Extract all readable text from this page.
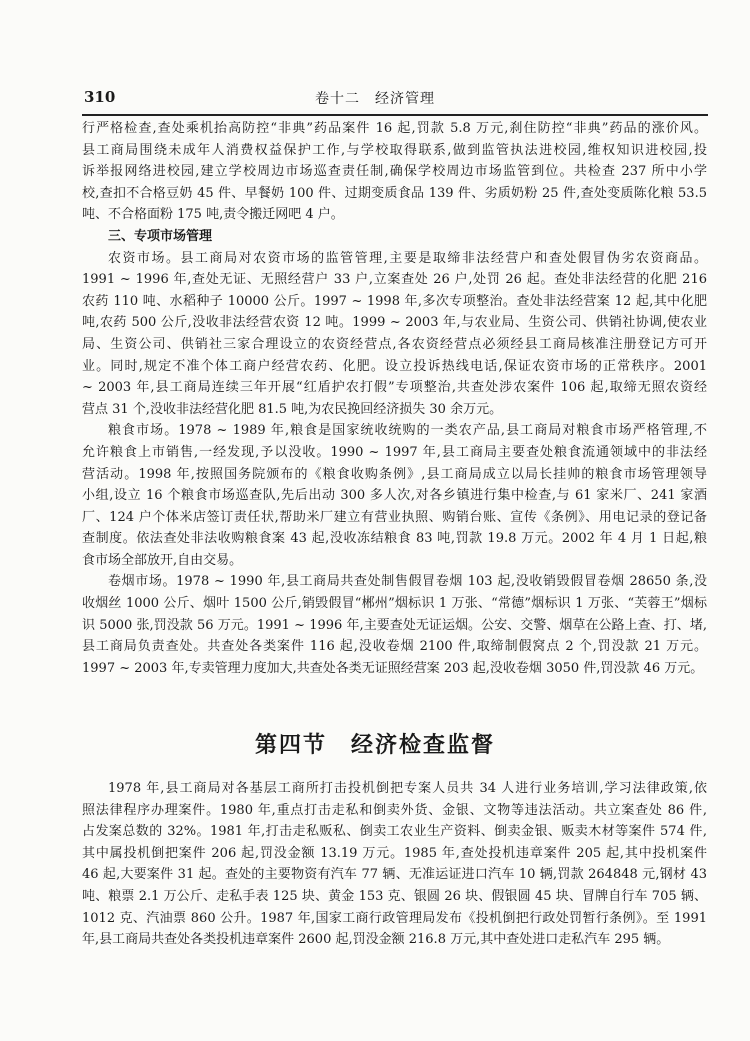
310	卷十二　经济管理
行严格检查,查处乘机抬高防控“非典”药品案件 16 起,罚款 5.8 万元,刹住防控“非典”药品的涨价风。
县工商局围绕未成年人消费权益保护工作,与学校取得联系,做到监管执法进校园,维权知识进校园,投
诉举报网络进校园,建立学校周边市场巡查责任制,确保学校周边市场监管到位。共检查 237 所中小学
校,查扣不合格豆奶 45 件、早餐奶 100 件、过期变质食品 139 件、劣质奶粉 25 件,查处变质陈化粮 53.5
吨、不合格面粉 175 吨,责令搬迁网吧 4 户。
三、专项市场管理
农资市场。县工商局对农资市场的监管管理,主要是取缔非法经营户和查处假冒伪劣农资商品。
1991 ~ 1996 年,查处无证、无照经营户 33 户,立案查处 26 户,处罚 26 起。查处非法经营的化肥 216
农药 110 吨、水稻种子 10000 公斤。1997 ~ 1998 年,多次专项整治。查处非法经营案 12 起,其中化肥
吨,农药 500 公斤,没收非法经营农资 12 吨。1999 ~ 2003 年,与农业局、生资公司、供销社协调,使农业
局、生资公司、供销社三家合理设立的农资经营点,各农资经营点必须经县工商局核准注册登记方可开
业。同时,规定不准个体工商户经营农药、化肥。设立投诉热线电话,保证农资市场的正常秩序。2001
~ 2003 年,县工商局连续三年开展“红盾护农打假”专项整治,共查处涉农案件 106 起,取缔无照农资经
营点 31 个,没收非法经营化肥 81.5 吨,为农民挽回经济损失 30 余万元。
粮食市场。1978 ~ 1989 年,粮食是国家统收统购的一类农产品,县工商局对粮食市场严格管理,不
允许粮食上市销售,一经发现,予以没收。1990 ~ 1997 年,县工商局主要查处粮食流通领域中的非法经
营活动。1998 年,按照国务院颁布的《粮食收购条例》,县工商局成立以局长挂帅的粮食市场管理领导
小组,设立 16 个粮食市场巡查队,先后出动 300 多人次,对各乡镇进行集中检查,与 61 家米厂、241 家酒
厂、124 户个体米店签订责任状,帮助米厂建立有营业执照、购销台账、宣传《条例》、用电记录的登记备
查制度。依法查处非法收购粮食案 43 起,没收冻结粮食 83 吨,罚款 19.8 万元。2002 年 4 月 1 日起,粮
食市场全部放开,自由交易。
卷烟市场。1978 ~ 1990 年,县工商局共查处制售假冒卷烟 103 起,没收销毁假冒卷烟 28650 条,没
收烟丝 1000 公斤、烟叶 1500 公斤,销毁假冒“郴州”烟标识 1 万张、“常德”烟标识 1 万张、“芙蓉王”烟标
识 5000 张,罚没款 56 万元。1991 ~ 1996 年,主要查处无证运烟。公安、交警、烟草在公路上查、打、堵,
县工商局负责查处。共查处各类案件 116 起,没收卷烟 2100 件,取缔制假窝点 2 个,罚没款 21 万元。
1997 ~ 2003 年,专卖管理力度加大,共查处各类无证照经营案 203 起,没收卷烟 3050 件,罚没款 46 万元。
第四节　经济检查监督
1978 年,县工商局对各基层工商所打击投机倒把专案人员共 34 人进行业务培训,学习法律政策,依
照法律程序办理案件。1980 年,重点打击走私和倒卖外货、金银、文物等违法活动。共立案查处 86 件,
占发案总数的 32%。1981 年,打击走私贩私、倒卖工农业生产资料、倒卖金银、贩卖木材等案件 574 件,
其中属投机倒把案件 206 起,罚没金额 13.19 万元。1985 年,查处投机违章案件 205 起,其中投机案件
46 起,大要案件 31 起。查处的主要物资有汽车 77 辆、无准运证进口汽车 10 辆,罚款 264848 元,钢材 43
吨、粮票 2.1 万公斤、走私手表 125 块、黄金 153 克、银圆 26 块、假银圆 45 块、冒牌自行车 705 辆、
1012 克、汽油票 860 公升。1987 年,国家工商行政管理局发布《投机倒把行政处罚暂行条例》。至 1991
年,县工商局共查处各类投机违章案件 2600 起,罚没金额 216.8 万元,其中查处进口走私汽车 295 辆。
